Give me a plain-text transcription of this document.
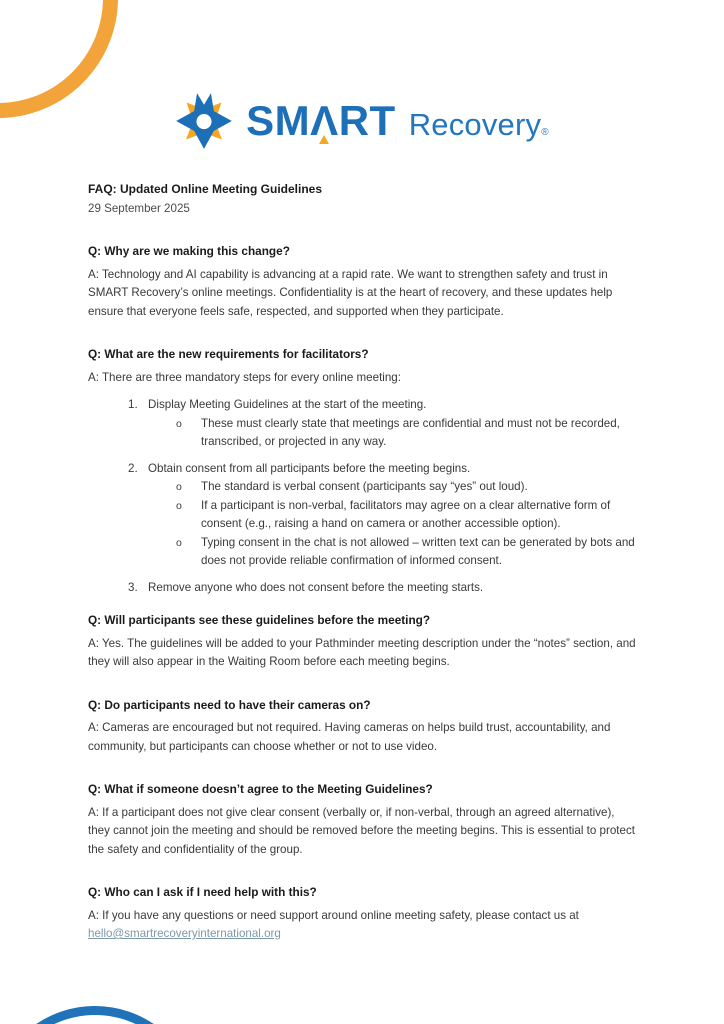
SMΛRT Recovery®
FAQ: Updated Online Meeting Guidelines
29 September 2025
Q: Why are we making this change?

A: Technology and AI capability is advancing at a rapid rate. We want to strengthen safety and trust in SMART Recovery’s online meetings. Confidentiality is at the heart of recovery, and these updates help ensure that everyone feels safe, respected, and supported when they participate.

Q: What are the new requirements for facilitators?

A: There are three mandatory steps for every online meeting:

1. Display Meeting Guidelines at the start of the meeting.
o	These must clearly state that meetings are confidential and must not be recorded, transcribed, or projected in any way.
2. Obtain consent from all participants before the meeting begins.
o	The standard is verbal consent (participants say “yes” out loud).
o	If a participant is non-verbal, facilitators may agree on a clear alternative form of consent (e.g., raising a hand on camera or another accessible option).
o	Typing consent in the chat is not allowed – written text can be generated by bots and does not provide reliable confirmation of informed consent.
3. Remove anyone who does not consent before the meeting starts.
Q: Will participants see these guidelines before the meeting?

A: Yes. The guidelines will be added to your Pathminder meeting description under the “notes” section, and they will also appear in the Waiting Room before each meeting begins.

Q: Do participants need to have their cameras on?

A: Cameras are encouraged but not required. Having cameras on helps build trust, accountability, and community, but participants can choose whether or not to use video.

Q: What if someone doesn’t agree to the Meeting Guidelines?

A: If a participant does not give clear consent (verbally or, if non-verbal, through an agreed alternative), they cannot join the meeting and should be removed before the meeting begins. This is essential to protect the safety and confidentiality of the group.

Q: Who can I ask if I need help with this?

A: If you have any questions or need support around online meeting safety, please contact us at hello@smartrecoveryinternational.org
